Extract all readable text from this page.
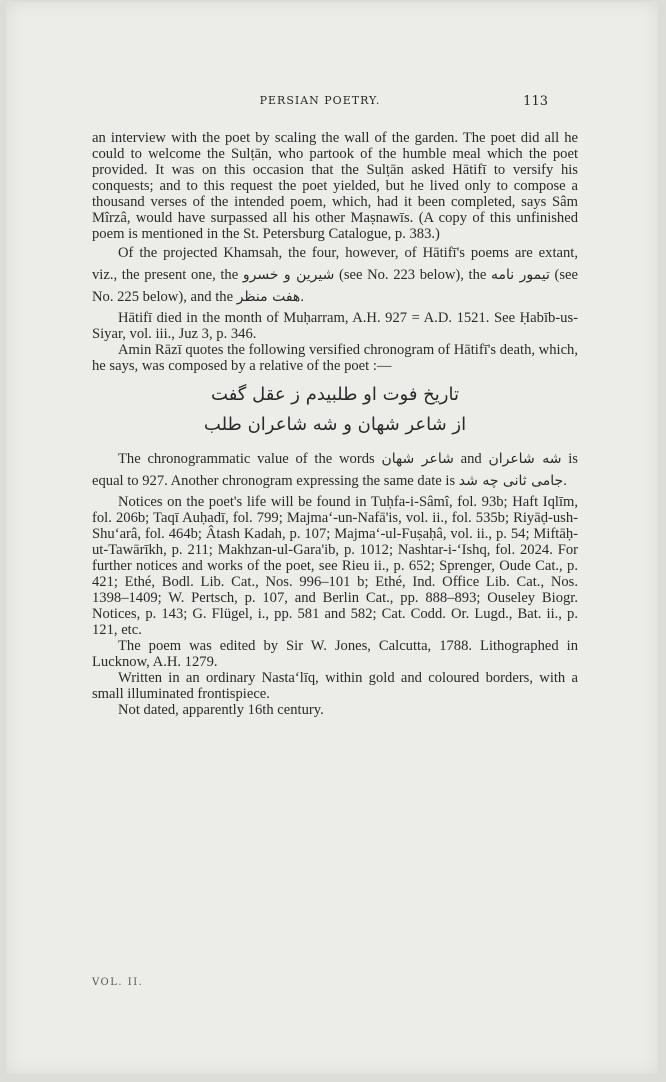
PERSIAN POETRY.	113

an interview with the poet by scaling the wall of the garden. The poet did all he could to welcome the Sulṭān, who partook of the humble meal which the poet provided. It was on this occasion that the Sulṭān asked Hātifī to versify his conquests; and to this request the poet yielded, but he lived only to compose a thousand verses of the intended poem, which, had it been completed, says Sâm Mîrzâ, would have surpassed all his other Maṣnawīs. (A copy of this unfinished poem is mentioned in the St. Petersburg Catalogue, p. 383.)

Of the projected Khamsah, the four, however, of Hātifī's poems are extant, viz., the present one, the شیرین و خسرو (see No. 223 below), the تیمور نامه (see No. 225 below), and the هفت منظر.

Hātifī died in the month of Muḥarram, A.H. 927 = A.D. 1521. See Ḥabīb-us-Siyar, vol. iii., Juz 3, p. 346.

Amin Rāzī quotes the following versified chronogram of Hātifī's death, which, he says, was composed by a relative of the poet :—

تاریخ فوت او طلبیدم ز عقل گفت
از شاعر شهان و شه شاعران طلب

The chronogrammatic value of the words شاعر شهان and شه شاعران is equal to 927. Another chronogram expressing the same date is جامی ثانی چه شد.

Notices on the poet's life will be found in Tuḥfa-i-Sâmî, fol. 93b; Haft Iqlīm, fol. 206b; Taqī Auḥadī, fol. 799; Majma‘-un-Nafā'is, vol. ii., fol. 535b; Riyāḍ-ush-Shu‘arâ, fol. 464b; Âtash Kadah, p. 107; Majma‘-ul-Fuṣaḥâ, vol. ii., p. 54; Miftāḥ-ut-Tawārīkh, p. 211; Makhzan-ul-Gara'ib, p. 1012; Nashtar-i-‘Ishq, fol. 2024. For further notices and works of the poet, see Rieu ii., p. 652; Sprenger, Oude Cat., p. 421; Ethé, Bodl. Lib. Cat., Nos. 996–101 b; Ethé, Ind. Office Lib. Cat., Nos. 1398–1409; W. Pertsch, p. 107, and Berlin Cat., pp. 888–893; Ouseley Biogr. Notices, p. 143; G. Flügel, i., pp. 581 and 582; Cat. Codd. Or. Lugd., Bat. ii., p. 121, etc.

The poem was edited by Sir W. Jones, Calcutta, 1788. Lithographed in Lucknow, A.H. 1279.

Written in an ordinary Nasta‘līq, within gold and coloured borders, with a small illuminated frontispiece.

Not dated, apparently 16th century.

VOL. II.
